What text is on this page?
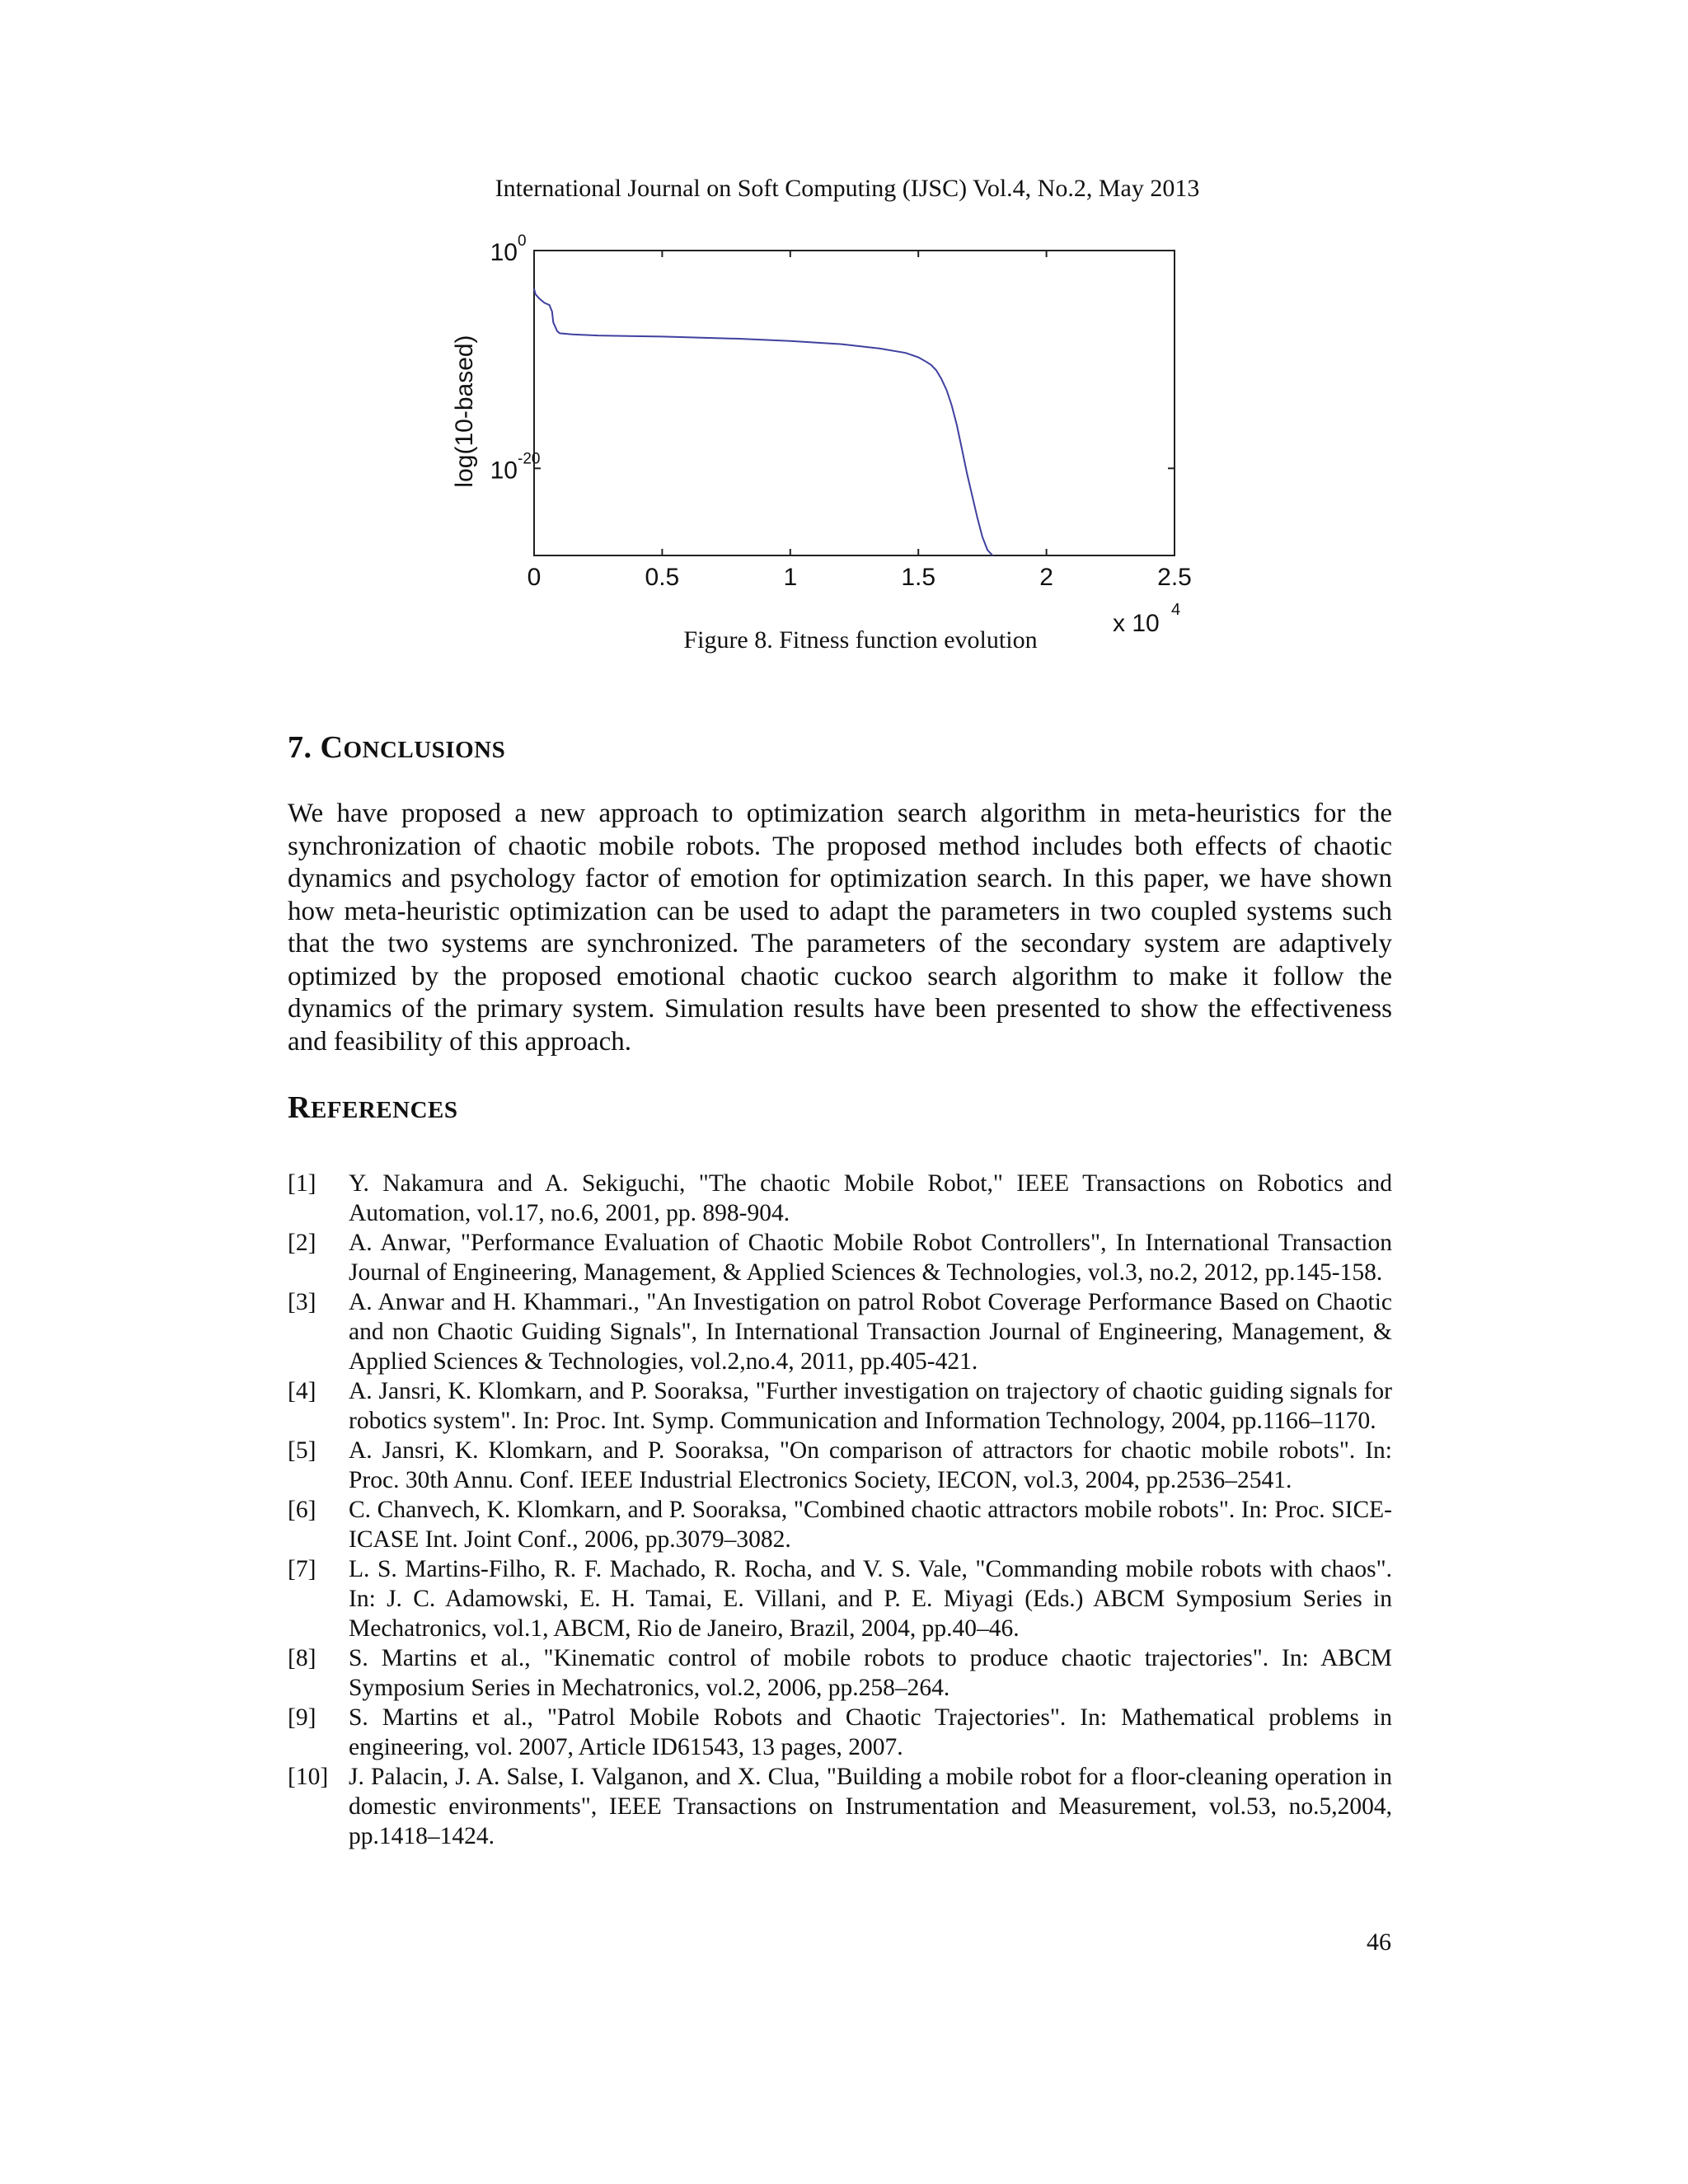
International Journal on Soft Computing (IJSC) Vol.4, No.2, May 2013
0	0.5	1	1.5	2	2.5
x 10 4
10 0
10 -20
log(10-based)
Figure 8. Fitness function evolution
7. CONCLUSIONS
We have proposed a new approach to optimization search algorithm in meta-heuristics for the synchronization of chaotic mobile robots. The proposed method includes both effects of chaotic dynamics and psychology factor of emotion for optimization search. In this paper, we have shown how meta-heuristic optimization can be used to adapt the parameters in two coupled systems such that the two systems are synchronized. The parameters of the secondary system are adaptively optimized by the proposed emotional chaotic cuckoo search algorithm to make it follow the dynamics of the primary system. Simulation results have been presented to show the effectiveness and feasibility of this approach.
REFERENCES
[1] Y. Nakamura and A. Sekiguchi, "The chaotic Mobile Robot," IEEE Transactions on Robotics and Automation, vol.17, no.6, 2001, pp. 898-904.
[2] A. Anwar, "Performance Evaluation of Chaotic Mobile Robot Controllers", In International Transaction Journal of Engineering, Management, & Applied Sciences & Technologies, vol.3, no.2, 2012, pp.145-158.
[3] A. Anwar and H. Khammari., "An Investigation on patrol Robot Coverage Performance Based on Chaotic and non Chaotic Guiding Signals", In International Transaction Journal of Engineering, Management, & Applied Sciences & Technologies, vol.2,no.4, 2011, pp.405-421.
[4] A. Jansri, K. Klomkarn, and P. Sooraksa, "Further investigation on trajectory of chaotic guiding signals for robotics system". In: Proc. Int. Symp. Communication and Information Technology, 2004, pp.1166–1170.
[5] A. Jansri, K. Klomkarn, and P. Sooraksa, "On comparison of attractors for chaotic mobile robots". In: Proc. 30th Annu. Conf. IEEE Industrial Electronics Society, IECON, vol.3, 2004, pp.2536–2541.
[6] C. Chanvech, K. Klomkarn, and P. Sooraksa, "Combined chaotic attractors mobile robots". In: Proc. SICE-ICASE Int. Joint Conf., 2006, pp.3079–3082.
[7] L. S. Martins-Filho, R. F. Machado, R. Rocha, and V. S. Vale, "Commanding mobile robots with chaos". In: J. C. Adamowski, E. H. Tamai, E. Villani, and P. E. Miyagi (Eds.) ABCM Symposium Series in Mechatronics, vol.1, ABCM, Rio de Janeiro, Brazil, 2004, pp.40–46.
[8] S. Martins et al., "Kinematic control of mobile robots to produce chaotic trajectories". In: ABCM Symposium Series in Mechatronics, vol.2, 2006, pp.258–264.
[9] S. Martins et al., "Patrol Mobile Robots and Chaotic Trajectories". In: Mathematical problems in engineering, vol. 2007, Article ID61543, 13 pages, 2007.
[10] J. Palacin, J. A. Salse, I. Valganon, and X. Clua, "Building a mobile robot for a floor-cleaning operation in domestic environments", IEEE Transactions on Instrumentation and Measurement, vol.53, no.5,2004, pp.1418–1424.
46
